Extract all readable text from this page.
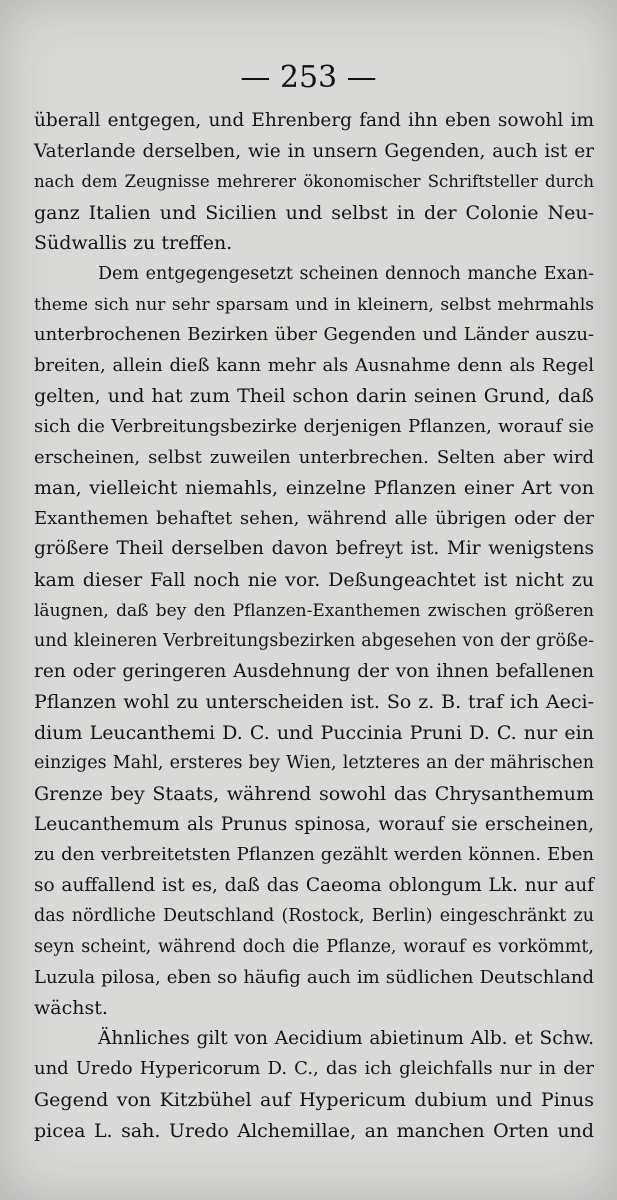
— 253 —
überall entgegen, und Ehrenberg fand ihn eben sowohl im
Vaterlande derselben, wie in unsern Gegenden, auch ist er
nach dem Zeugnisse mehrerer ökonomischer Schriftsteller durch
ganz Italien und Sicilien und selbst in der Colonie Neu-
Südwallis zu treffen.
Dem entgegengesetzt scheinen dennoch manche Exan-
theme sich nur sehr sparsam und in kleinern, selbst mehrmahls
unterbrochenen Bezirken über Gegenden und Länder auszu-
breiten, allein dieß kann mehr als Ausnahme denn als Regel
gelten, und hat zum Theil schon darin seinen Grund, daß
sich die Verbreitungsbezirke derjenigen Pflanzen, worauf sie
erscheinen, selbst zuweilen unterbrechen. Selten aber wird
man, vielleicht niemahls, einzelne Pflanzen einer Art von
Exanthemen behaftet sehen, während alle übrigen oder der
größere Theil derselben davon befreyt ist. Mir wenigstens
kam dieser Fall noch nie vor. Deßungeachtet ist nicht zu
läugnen, daß bey den Pflanzen-Exanthemen zwischen größeren
und kleineren Verbreitungsbezirken abgesehen von der größe-
ren oder geringeren Ausdehnung der von ihnen befallenen
Pflanzen wohl zu unterscheiden ist. So z. B. traf ich Aeci-
dium Leucanthemi D. C. und Puccinia Pruni D. C. nur ein
einziges Mahl, ersteres bey Wien, letzteres an der mährischen
Grenze bey Staats, während sowohl das Chrysanthemum
Leucanthemum als Prunus spinosa, worauf sie erscheinen,
zu den verbreitetsten Pflanzen gezählt werden können. Eben
so auffallend ist es, daß das Caeoma oblongum Lk. nur auf
das nördliche Deutschland (Rostock, Berlin) eingeschränkt zu
seyn scheint, während doch die Pflanze, worauf es vorkömmt,
Luzula pilosa, eben so häufig auch im südlichen Deutschland
wächst.
Ähnliches gilt von Aecidium abietinum Alb. et Schw.
und Uredo Hypericorum D. C., das ich gleichfalls nur in der
Gegend von Kitzbühel auf Hypericum dubium und Pinus
picea L. sah. Uredo Alchemillae, an manchen Orten und
